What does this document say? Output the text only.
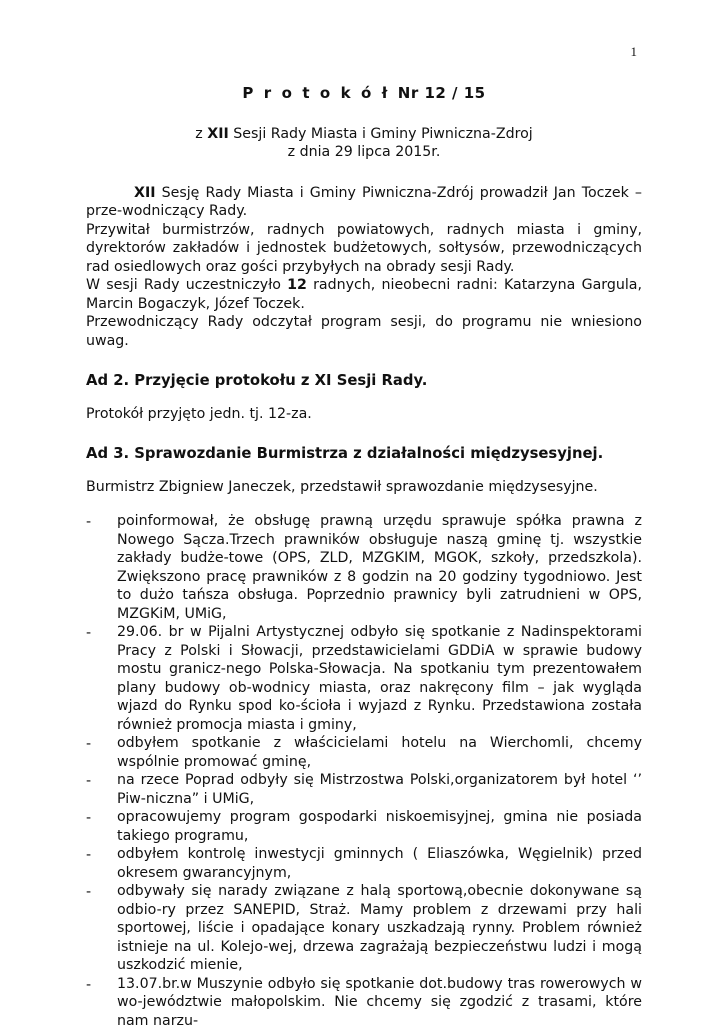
1

P r o t o k ó ł Nr 12 / 15

z XII Sesji Rady Miasta i Gminy Piwniczna-Zdroj

z dnia 29 lipca 2015r.

XII Sesję Rady Miasta i Gminy Piwniczna-Zdrój prowadził Jan Toczek – prze-wodniczący Rady.

Przywitał burmistrzów, radnych powiatowych, radnych miasta i gminy, dyrektorów zakładów i jednostek budżetowych, sołtysów, przewodniczących rad osiedlowych oraz gości przybyłych na obrady sesji Rady.

W sesji Rady uczestniczyło 12 radnych, nieobecni radni: Katarzyna Gargula, Marcin Bogaczyk, Józef Toczek.

Przewodniczący Rady odczytał program sesji, do programu nie wniesiono uwag.

Ad 2. Przyjęcie protokołu z XI Sesji Rady.

Protokół przyjęto jedn. tj. 12-za.

Ad 3. Sprawozdanie Burmistrza z działalności międzysesyjnej.

Burmistrz Zbigniew Janeczek, przedstawił sprawozdanie międzysesyjne.

- poinformował, że obsługę prawną urzędu sprawuje spółka prawna z Nowego Sącza.Trzech prawników obsługuje naszą gminę tj. wszystkie zakłady budże-towe (OPS, ZLD, MZGKIM, MGOK, szkoły, przedszkola). Zwiększono pracę prawników z 8 godzin na 20 godziny tygodniowo. Jest to dużo tańsza obsługa. Poprzednio prawnicy byli zatrudnieni w OPS, MZGKiM, UMiG,
- 29.06. br w Pijalni Artystycznej odbyło się spotkanie z Nadinspektorami Pracy z Polski i Słowacji, przedstawicielami GDDiA w sprawie budowy mostu granicz-nego Polska-Słowacja. Na spotkaniu tym prezentowałem plany budowy ob-wodnicy miasta, oraz nakręcony film – jak wygląda wjazd do Rynku spod ko-ścioła i wyjazd z Rynku. Przedstawiona została również promocja miasta i gminy,
- odbyłem spotkanie z właścicielami hotelu na Wierchomli, chcemy wspólnie promować gminę,
- na rzece Poprad odbyły się Mistrzostwa Polski,organizatorem był hotel ‘’ Piw-niczna” i UMiG,
- opracowujemy program gospodarki niskoemisyjnej, gmina nie posiada takiego programu,
- odbyłem kontrolę inwestycji gminnych ( Eliaszówka, Węgielnik) przed okresem gwarancyjnym,
- odbywały się narady związane z halą sportową,obecnie dokonywane są odbio-ry przez SANEPID, Straż. Mamy problem z drzewami przy hali sportowej, liście i opadające konary uszkadzają rynny. Problem również istnieje na ul. Kolejo-wej, drzewa zagrażają bezpieczeństwu ludzi i mogą uszkodzić mienie,
- 13.07.br.w Muszynie odbyło się spotkanie dot.budowy tras rowerowych w wo-jewództwie małopolskim. Nie chcemy się zgodzić z trasami, które nam narzu-
